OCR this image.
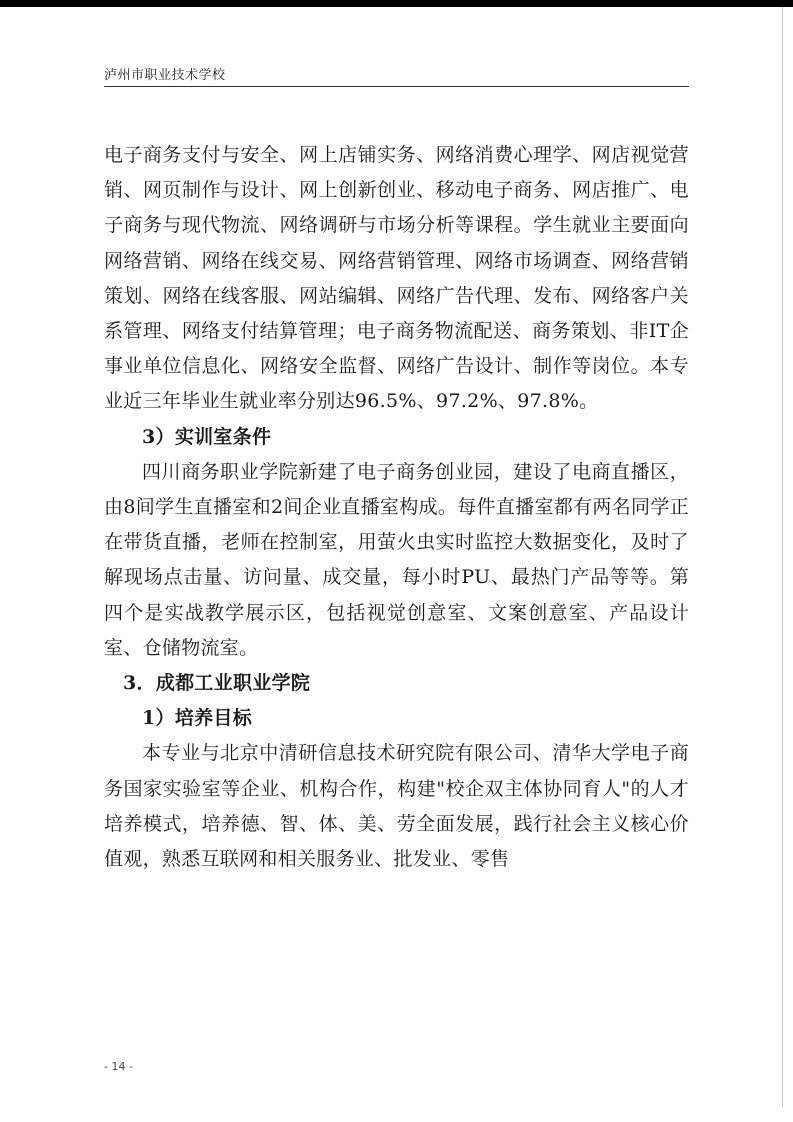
泸州市职业技术学校

电子商务支付与安全、网上店铺实务、网络消费心理学、网店视觉营销、网页制作与设计、网上创新创业、移动电子商务、网店推广、电子商务与现代物流、网络调研与市场分析等课程。学生就业主要面向网络营销、网络在线交易、网络营销管理、网络市场调查、网络营销策划、网络在线客服、网站编辑、网络广告代理、发布、网络客户关系管理、网络支付结算管理；电子商务物流配送、商务策划、非IT企事业单位信息化、网络安全监督、网络广告设计、制作等岗位。本专业近三年毕业生就业率分别达96.5%、97.2%、97.8%。

3）实训室条件

四川商务职业学院新建了电子商务创业园，建设了电商直播区，由8间学生直播室和2间企业直播室构成。每件直播室都有两名同学正在带货直播，老师在控制室，用萤火虫实时监控大数据变化，及时了解现场点击量、访问量、成交量，每小时PU、最热门产品等等。第四个是实战教学展示区，包括视觉创意室、文案创意室、产品设计室、仓储物流室。

3．成都工业职业学院

1）培养目标

本专业与北京中清研信息技术研究院有限公司、清华大学电子商务国家实验室等企业、机构合作，构建"校企双主体协同育人"的人才培养模式，培养德、智、体、美、劳全面发展，践行社会主义核心价值观，熟悉互联网和相关服务业、批发业、零售

- 14 -
